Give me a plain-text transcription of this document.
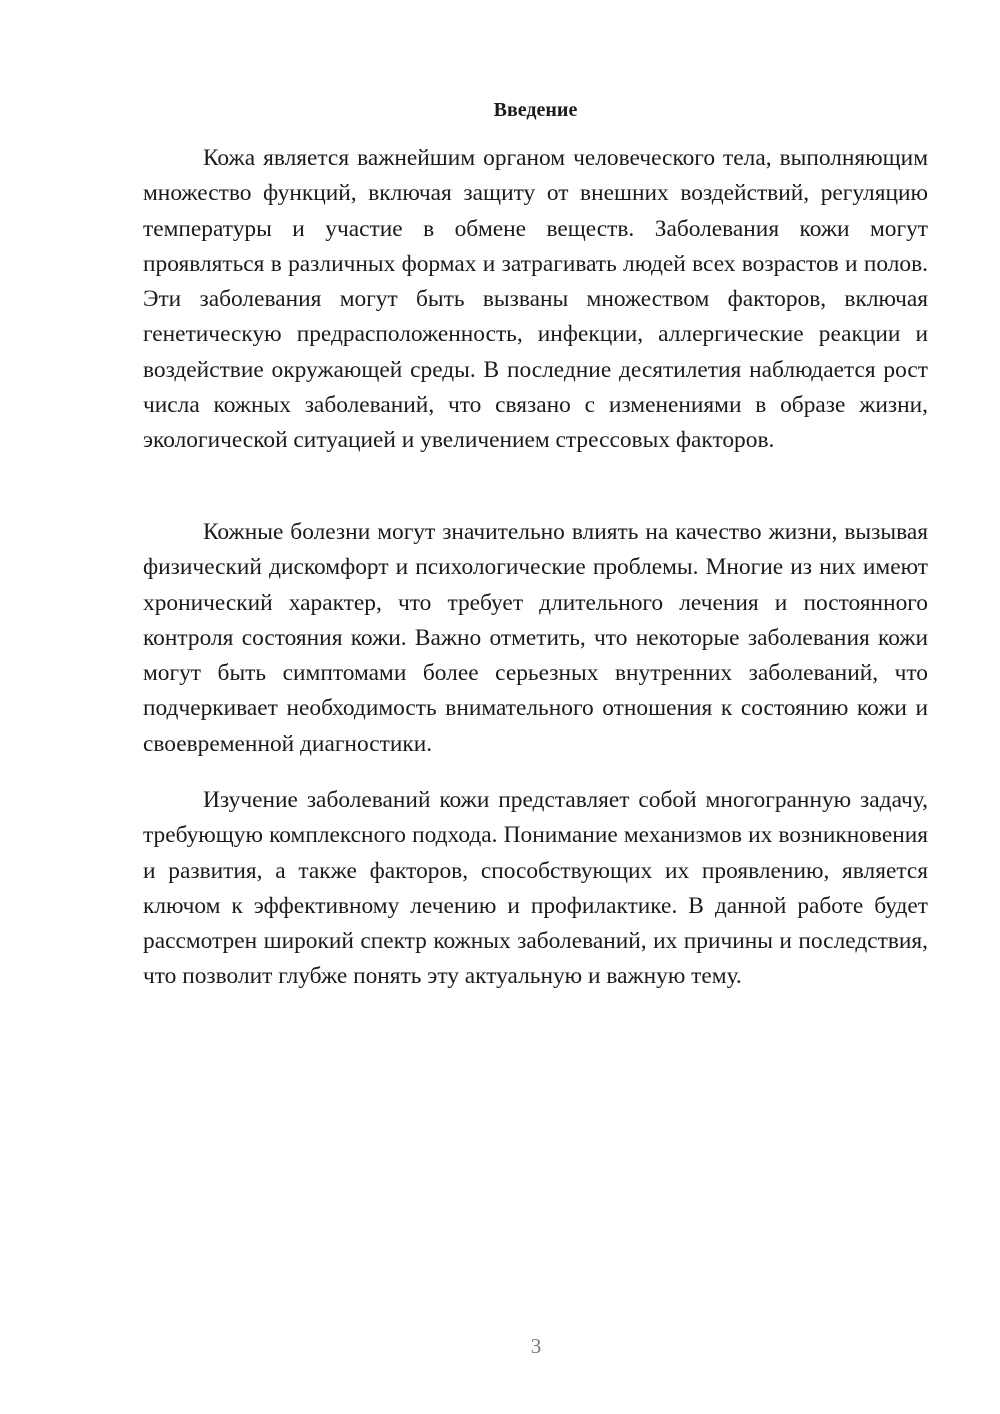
Введение

Кожа является важнейшим органом человеческого тела, выполняющим множество функций, включая защиту от внешних воздействий, регуляцию температуры и участие в обмене веществ. Заболевания кожи могут проявляться в различных формах и затрагивать людей всех возрастов и полов. Эти заболевания могут быть вызваны множеством факторов, включая генетическую предрасположенность, инфекции, аллергические реакции и воздействие окружающей среды. В последние десятилетия наблюдается рост числа кожных заболеваний, что связано с изменениями в образе жизни, экологической ситуацией и увеличением стрессовых факторов.

Кожные болезни могут значительно влиять на качество жизни, вызывая физический дискомфорт и психологические проблемы. Многие из них имеют хронический характер, что требует длительного лечения и постоянного контроля состояния кожи. Важно отметить, что некоторые заболевания кожи могут быть симптомами более серьезных внутренних заболеваний, что подчеркивает необходимость внимательного отношения к состоянию кожи и своевременной диагностики.

Изучение заболеваний кожи представляет собой многогранную задачу, требующую комплексного подхода. Понимание механизмов их возникновения и развития, а также факторов, способствующих их проявлению, является ключом к эффективному лечению и профилактике. В данной работе будет рассмотрен широкий спектр кожных заболеваний, их причины и последствия, что позволит глубже понять эту актуальную и важную тему.

3
